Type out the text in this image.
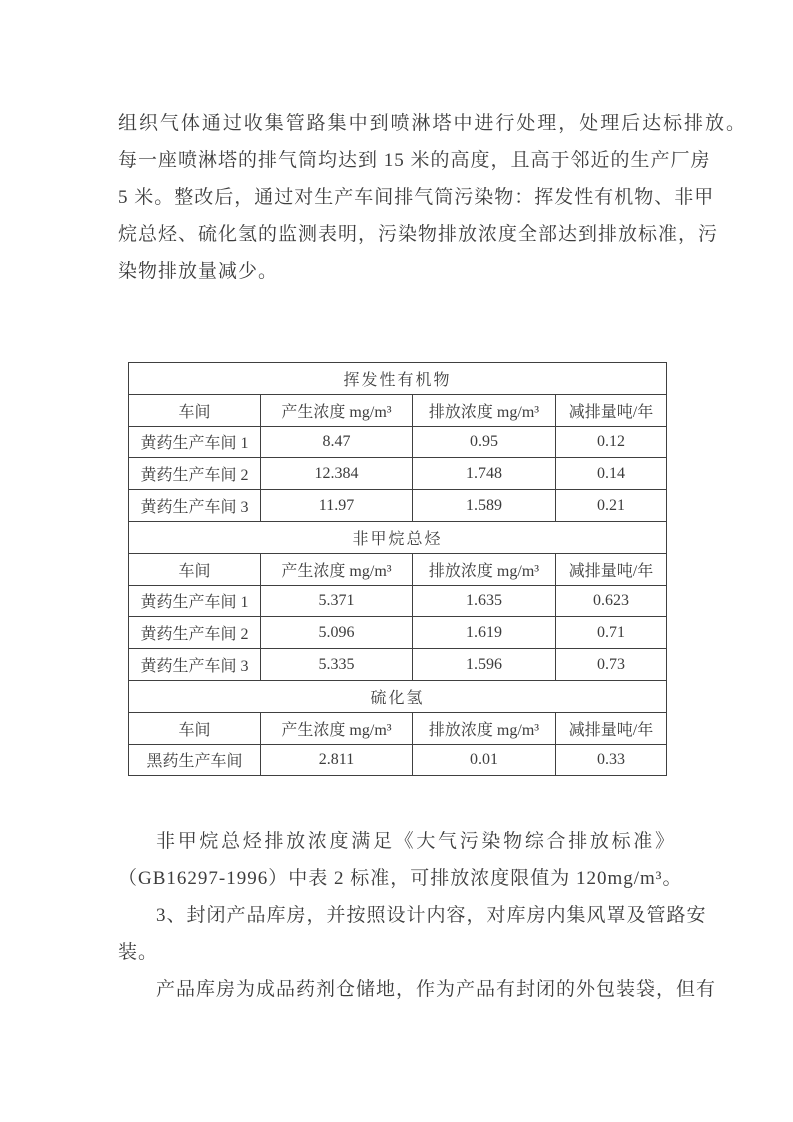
组织气体通过收集管路集中到喷淋塔中进行处理，处理后达标排放。
每一座喷淋塔的排气筒均达到 15 米的高度，且高于邻近的生产厂房
5 米。整改后，通过对生产车间排气筒污染物：挥发性有机物、非甲
烷总烃、硫化氢的监测表明，污染物排放浓度全部达到排放标准，污
染物排放量减少。
挥发性有机物			
车间	产生浓度 mg/m³	排放浓度 mg/m³	减排量吨/年
黄药生产车间 1	8.47	0.95	0.12
黄药生产车间 2	12.384	1.748	0.14
黄药生产车间 3	11.97	1.589	0.21
非甲烷总烃			
车间	产生浓度 mg/m³	排放浓度 mg/m³	减排量吨/年
黄药生产车间 1	5.371	1.635	0.623
黄药生产车间 2	5.096	1.619	0.71
黄药生产车间 3	5.335	1.596	0.73
硫化氢			
车间	产生浓度 mg/m³	排放浓度 mg/m³	减排量吨/年
黑药生产车间	2.811	0.01	0.33
非甲烷总烃排放浓度满足《大气污染物综合排放标准》
（GB16297-1996）中表 2 标准，可排放浓度限值为 120mg/m³。
3、封闭产品库房，并按照设计内容，对库房内集风罩及管路安
装。
产品库房为成品药剂仓储地，作为产品有封闭的外包装袋，但有
